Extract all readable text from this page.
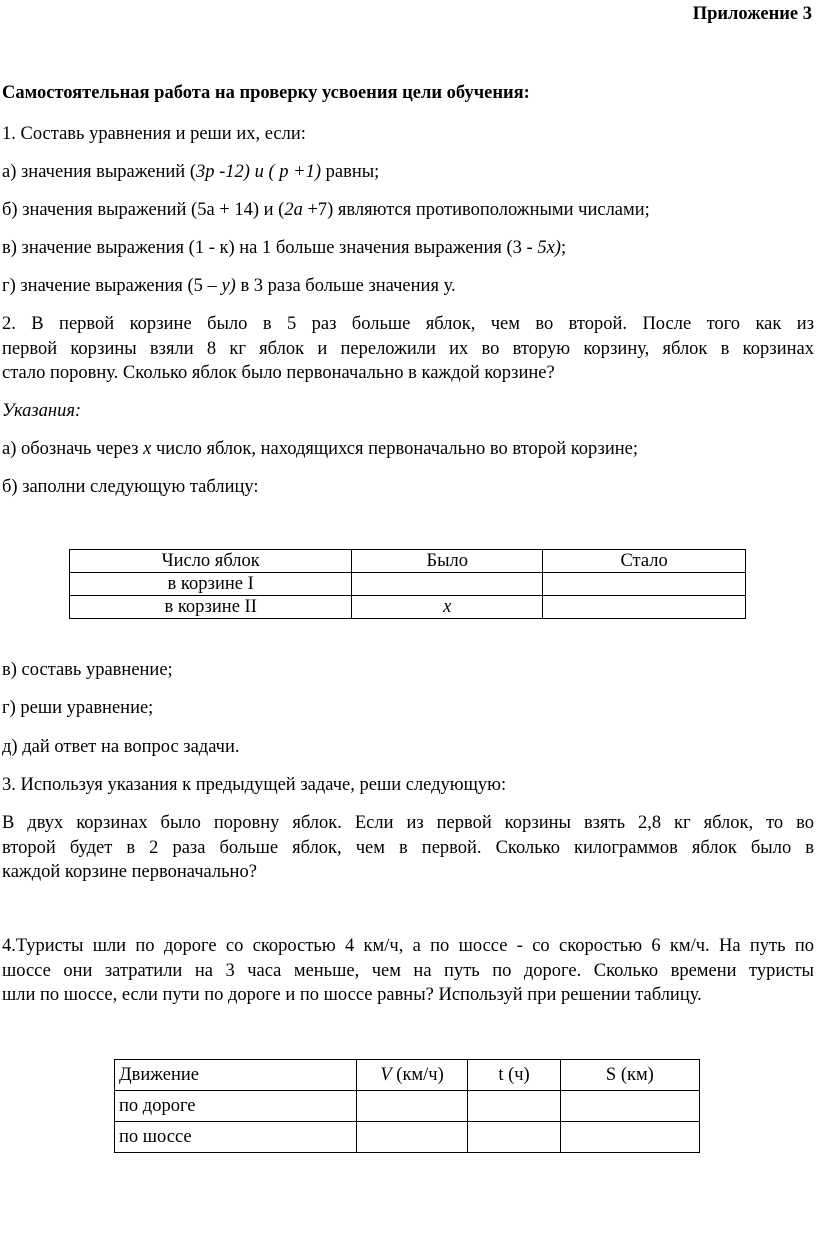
Приложение 3
Самостоятельная работа на проверку усвоения цели обучения:
1. Составь уравнения и реши их, если:
а) значения выражений (3p -12) и ( p +1) равны;
б) значения выражений (5а + 14) и (2a +7) являются противоположными числами;
в) значение выражения (1 - к) на 1 больше значения выражения (3 - 5x);
г) значение выражения (5 – у) в 3 раза больше значения у.
2. В первой корзине было в 5 раз больше яблок, чем во второй. После того как из
первой корзины взяли 8 кг яблок и переложили их во вторую корзину, яблок в корзинах
стало поровну. Сколько яблок было первоначально в каждой корзине?
Указания:
а) обозначь через x число яблок, находящихся первоначально во второй корзине;
б) заполни следующую таблицу:
Число яблок	Было	Стало
в корзине I		
в корзине II	x	
в) составь уравнение;
г) реши уравнение;
д) дай ответ на вопрос задачи.
3. Используя указания к предыдущей задаче, реши следующую:
В двух корзинах было поровну яблок. Если из первой корзины взять 2,8 кг яблок, то во
второй будет в 2 раза больше яблок, чем в первой. Сколько килограммов яблок было в
каждой корзине первоначально?
4.Туристы шли по дороге со скоростью 4 км/ч, а по шоссе - со скоростью 6 км/ч. На путь по
шоссе они затратили на 3 часа меньше, чем на путь по дороге. Сколько времени туристы
шли по шоссе, если пути по дороге и по шоссе равны? Используй при решении таблицу.
Движение	V (км/ч)	t (ч)	S (км)
по дороге			
по шоссе			
